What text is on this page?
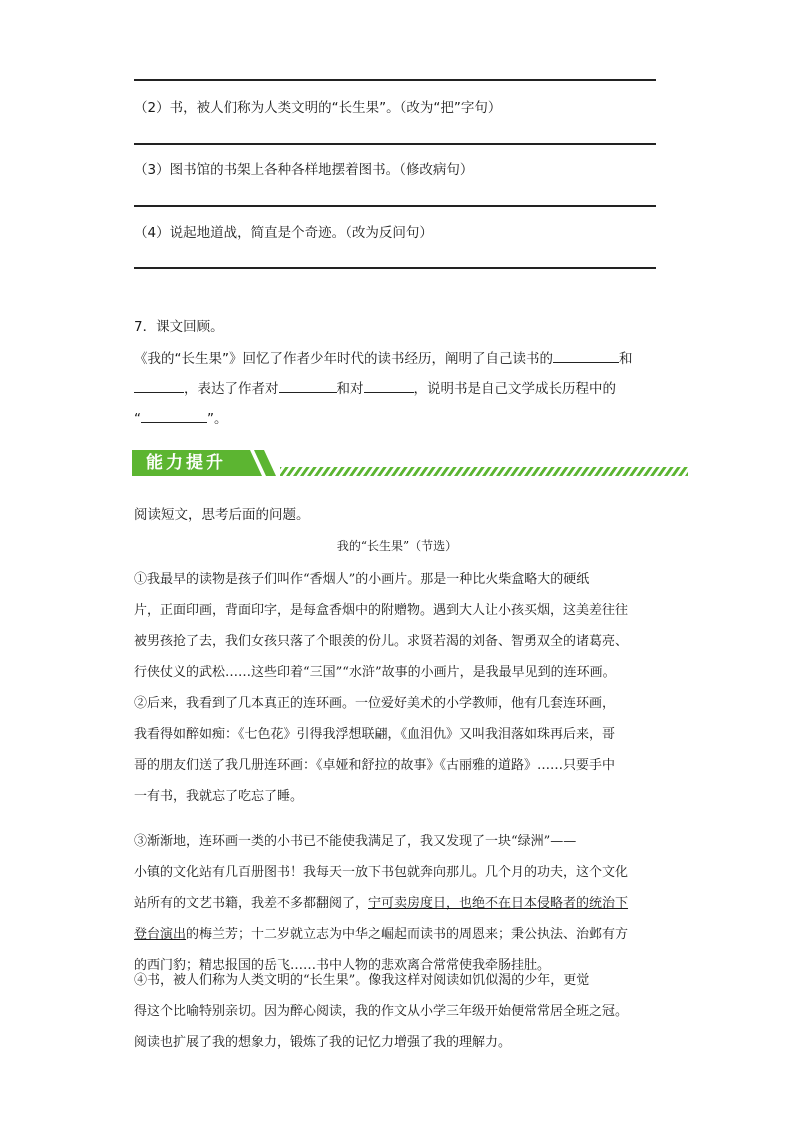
（2）书，被人们称为人类文明的“长生果”。（改为“把”字句）
（3）图书馆的书架上各种各样地摆着图书。（修改病句）
（4）说起地道战，简直是个奇迹。（改为反问句）
7．课文回顾。
《我的“长生果”》回忆了作者少年时代的读书经历，阐明了自己读书的	和
，表达了作者对	和对	，说明书是自己文学成长历程中的
“	”。
能力提升
阅读短文，思考后面的问题。
我的“长生果”（节选）
①我最早的读物是孩子们叫作“香烟人”的小画片。那是一种比火柴盒略大的硬纸
片，正面印画，背面印字，是每盒香烟中的附赠物。遇到大人让小孩买烟，这美差往往
被男孩抢了去，我们女孩只落了个眼羡的份儿。求贤若渴的刘备、智勇双全的诸葛亮、
行侠仗义的武松……这些印着“三国”“水浒”故事的小画片，是我最早见到的连环画。
②后来，我看到了几本真正的连环画。一位爱好美术的小学教师，他有几套连环画，
我看得如醉如痴：《七色花》引得我浮想联翩，《血泪仇》又叫我泪落如珠再后来，哥
哥的朋友们送了我几册连环画：《卓娅和舒拉的故事》《古丽雅的道路》……只要手中
一有书，我就忘了吃忘了睡。
③渐渐地，连环画一类的小书已不能使我满足了，我又发现了一块“绿洲”——
小镇的文化站有几百册图书！我每天一放下书包就奔向那儿。几个月的功夫，这个文化
站所有的文艺书籍，我差不多都翻阅了，宁可卖房度日，也绝不在日本侵略者的统治下
登台演出的梅兰芳；十二岁就立志为中华之崛起而读书的周恩来；秉公执法、治邺有方
的西门豹；精忠报国的岳飞……书中人物的悲欢离合常常使我牵肠挂肚。
④书，被人们称为人类文明的“长生果”。像我这样对阅读如饥似渴的少年，更觉
得这个比喻特别亲切。因为醉心阅读，我的作文从小学三年级开始便常常居全班之冠。
阅读也扩展了我的想象力，锻炼了我的记忆力增强了我的理解力。
